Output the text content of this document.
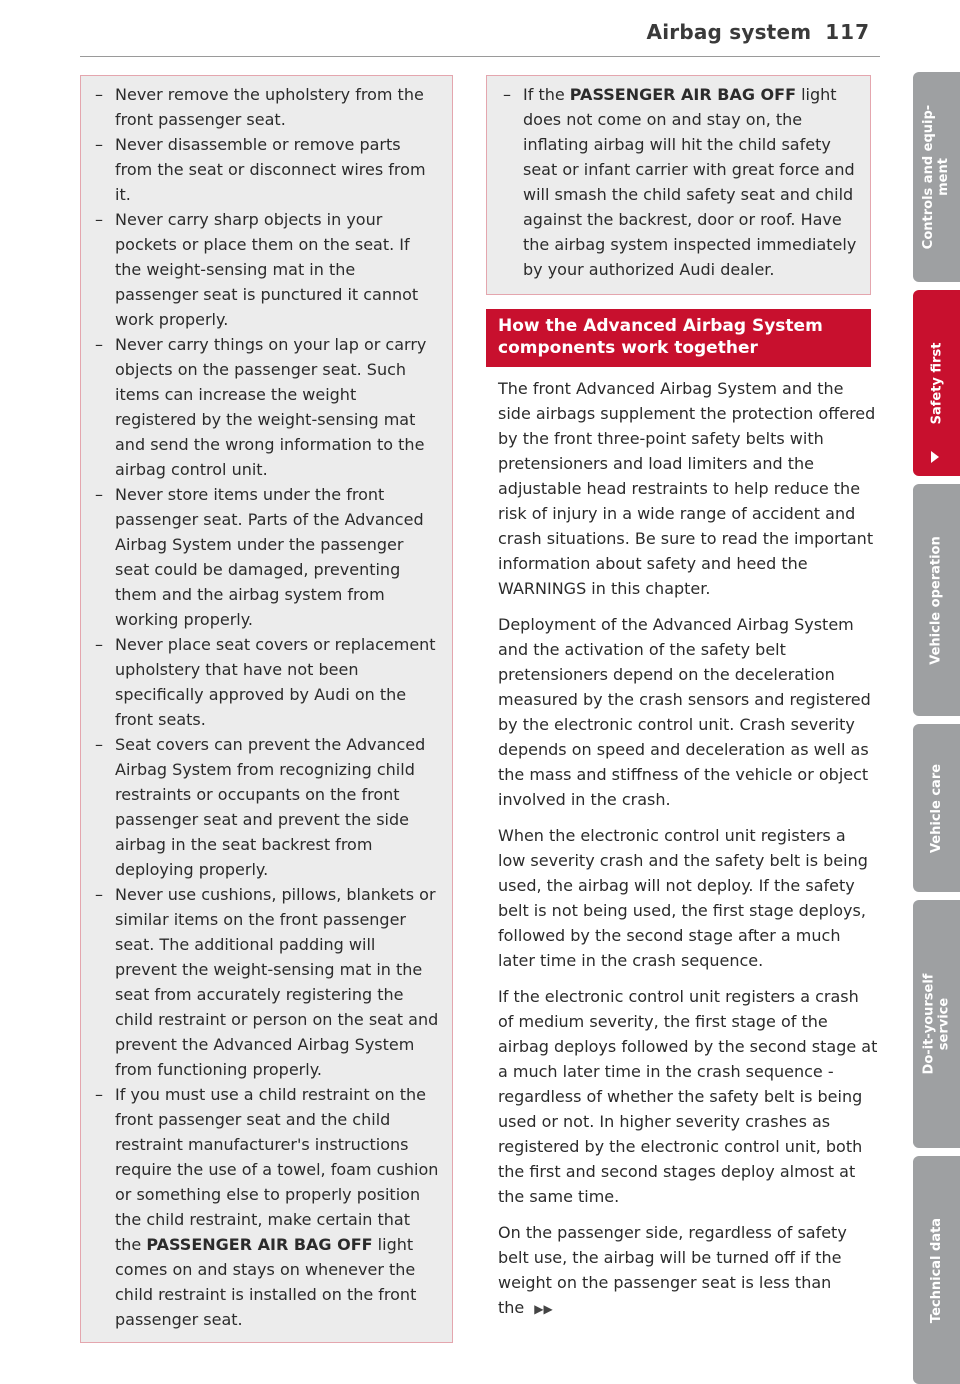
Airbag system 117
– Never remove the upholstery from the front passenger seat.
– Never disassemble or remove parts from the seat or disconnect wires from it.
– Never carry sharp objects in your pockets or place them on the seat. If the weight-sensing mat in the passenger seat is punctured it cannot work properly.
– Never carry things on your lap or carry objects on the passenger seat. Such items can increase the weight registered by the weight-sensing mat and send the wrong information to the airbag control unit.
– Never store items under the front passenger seat. Parts of the Advanced Airbag System under the passenger seat could be damaged, preventing them and the airbag system from working properly.
– Never place seat covers or replacement upholstery that have not been specifically approved by Audi on the front seats.
– Seat covers can prevent the Advanced Airbag System from recognizing child restraints or occupants on the front passenger seat and prevent the side airbag in the seat backrest from deploying properly.
– Never use cushions, pillows, blankets or similar items on the front passenger seat. The additional padding will prevent the weight-sensing mat in the seat from accurately registering the child restraint or person on the seat and prevent the Advanced Airbag System from functioning properly.
– If you must use a child restraint on the front passenger seat and the child restraint manufacturer's instructions require the use of a towel, foam cushion or something else to properly position the child restraint, make certain that the PASSENGER AIR BAG OFF light comes on and stays on whenever the child restraint is installed on the front passenger seat.
– If the PASSENGER AIR BAG OFF light does not come on and stay on, the inflating airbag will hit the child safety seat or infant carrier with great force and will smash the child safety seat and child against the backrest, door or roof. Have the airbag system inspected immediately by your authorized Audi dealer.
How the Advanced Airbag System components work together

The front Advanced Airbag System and the side airbags supplement the protection offered by the front three-point safety belts with pretensioners and load limiters and the adjustable head restraints to help reduce the risk of injury in a wide range of accident and crash situations. Be sure to read the important information about safety and heed the WARNINGS in this chapter.

Deployment of the Advanced Airbag System and the activation of the safety belt pretensioners depend on the deceleration measured by the crash sensors and registered by the electronic control unit. Crash severity depends on speed and deceleration as well as the mass and stiffness of the vehicle or object involved in the crash.

When the electronic control unit registers a low severity crash and the safety belt is being used, the airbag will not deploy. If the safety belt is not being used, the first stage deploys, followed by the second stage after a much later time in the crash sequence.

If the electronic control unit registers a crash of medium severity, the first stage of the airbag deploys followed by the second stage at a much later time in the crash sequence - regardless of whether the safety belt is being used or not. In higher severity crashes as registered by the electronic control unit, both the first and second stages deploy almost at the same time.

On the passenger side, regardless of safety belt use, the airbag will be turned off if the weight on the passenger seat is less than the ▶▶

Controls and equip-
ment
Safety first
Vehicle operation
Vehicle care
Do-it-yourself
service
Technical data
